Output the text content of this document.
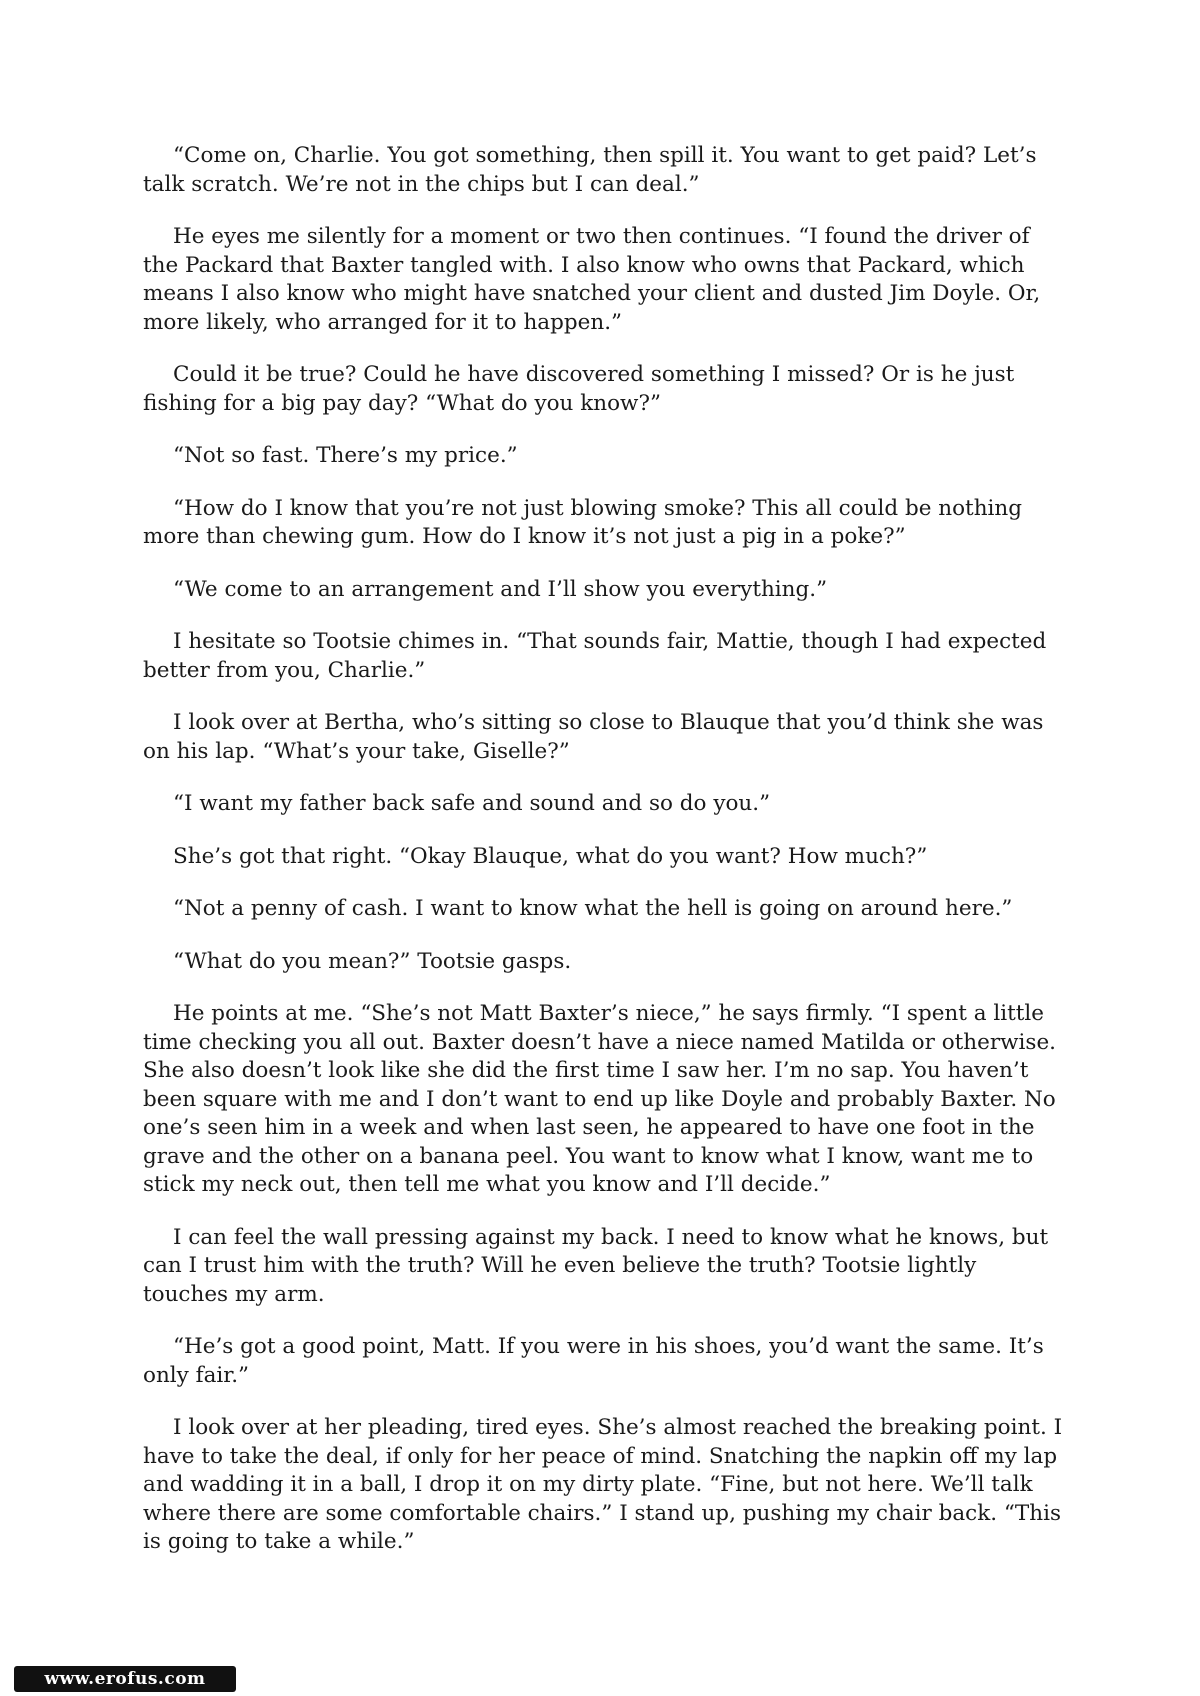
“Come on, Charlie. You got something, then spill it. You want to get paid? Let’s talk scratch. We’re not in the chips but I can deal.”

He eyes me silently for a moment or two then continues. “I found the driver of the Packard that Baxter tangled with. I also know who owns that Packard, which means I also know who might have snatched your client and dusted Jim Doyle. Or, more likely, who arranged for it to happen.”

Could it be true? Could he have discovered something I missed? Or is he just fishing for a big pay day? “What do you know?”

“Not so fast. There’s my price.”

“How do I know that you’re not just blowing smoke? This all could be nothing more than chewing gum. How do I know it’s not just a pig in a poke?”

“We come to an arrangement and I’ll show you everything.”

I hesitate so Tootsie chimes in. “That sounds fair, Mattie, though I had expected better from you, Charlie.”

I look over at Bertha, who’s sitting so close to Blauque that you’d think she was on his lap. “What’s your take, Giselle?”

“I want my father back safe and sound and so do you.”

She’s got that right. “Okay Blauque, what do you want? How much?”

“Not a penny of cash. I want to know what the hell is going on around here.”

“What do you mean?” Tootsie gasps.

He points at me. “She’s not Matt Baxter’s niece,” he says firmly. “I spent a little time checking you all out. Baxter doesn’t have a niece named Matilda or otherwise. She also doesn’t look like she did the first time I saw her. I’m no sap. You haven’t been square with me and I don’t want to end up like Doyle and probably Baxter. No one’s seen him in a week and when last seen, he appeared to have one foot in the grave and the other on a banana peel. You want to know what I know, want me to stick my neck out, then tell me what you know and I’ll decide.”

I can feel the wall pressing against my back. I need to know what he knows, but can I trust him with the truth? Will he even believe the truth? Tootsie lightly touches my arm.

“He’s got a good point, Matt. If you were in his shoes, you’d want the same. It’s only fair.”

I look over at her pleading, tired eyes. She’s almost reached the breaking point. I have to take the deal, if only for her peace of mind. Snatching the napkin off my lap and wadding it in a ball, I drop it on my dirty plate. “Fine, but not here. We’ll talk where there are some comfortable chairs.” I stand up, pushing my chair back. “This is going to take a while.”

www.erofus.com
